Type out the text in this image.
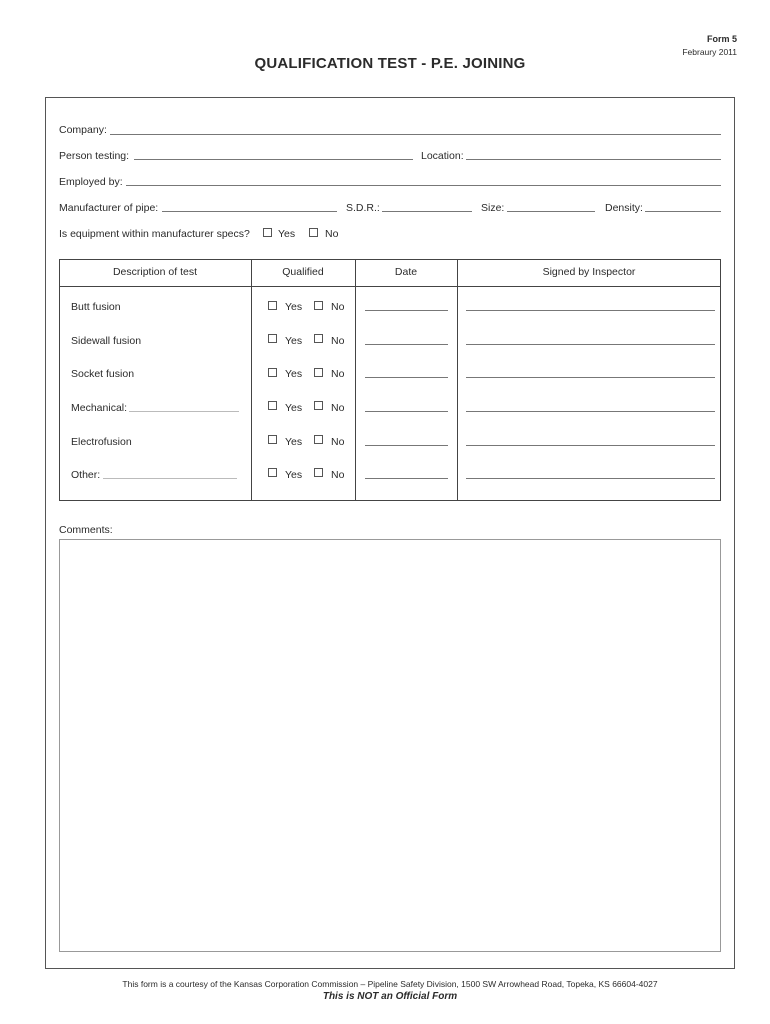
Form 5
Febraury 2011
QUALIFICATION TEST - P.E. JOINING
Company:
Person testing:	Location:
Employed by:
Manufacturer of pipe:	S.D.R.:	Size:	Density:
Is equipment within manufacturer specs?	Yes	No
Description of test	Qualified	Date	Signed by Inspector
Butt fusion	Yes	No
Sidewall fusion	Yes	No
Socket fusion	Yes	No
Mechanical:	Yes	No
Electrofusion	Yes	No
Other:	Yes	No
Comments:
This form is a courtesy of the Kansas Corporation Commission – Pipeline Safety Division, 1500 SW Arrowhead Road, Topeka, KS 66604-4027
This is NOT an Official Form
